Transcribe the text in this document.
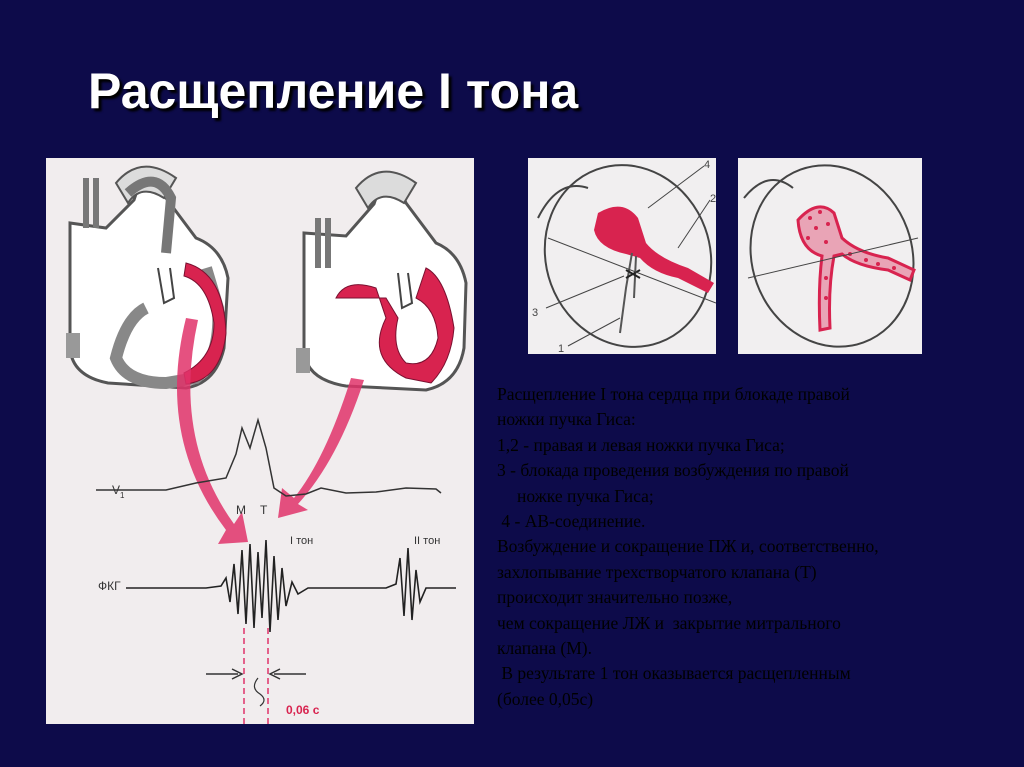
Расщепление I тона
$V_1$
М Т
I тон	II тон
ФКГ
0,06 с
4
2
3
1

Расщепление I тона сердца при блокаде правой

ножки пучка Гиса:

1,2 - правая и левая ножки пучка Гиса;

3 - блокада проведения возбуждения по правой

ножке пучка Гиса;

4 - АВ-соединение.

Возбуждение и сокращение ПЖ и, соответственно,

захлопывание трехстворчатого клапана (Т)

происходит значительно позже,

чем сокращение ЛЖ и  закрытие митрального

клапана (М).

В результате 1 тон оказывается расщепленным

(более 0,05с)
